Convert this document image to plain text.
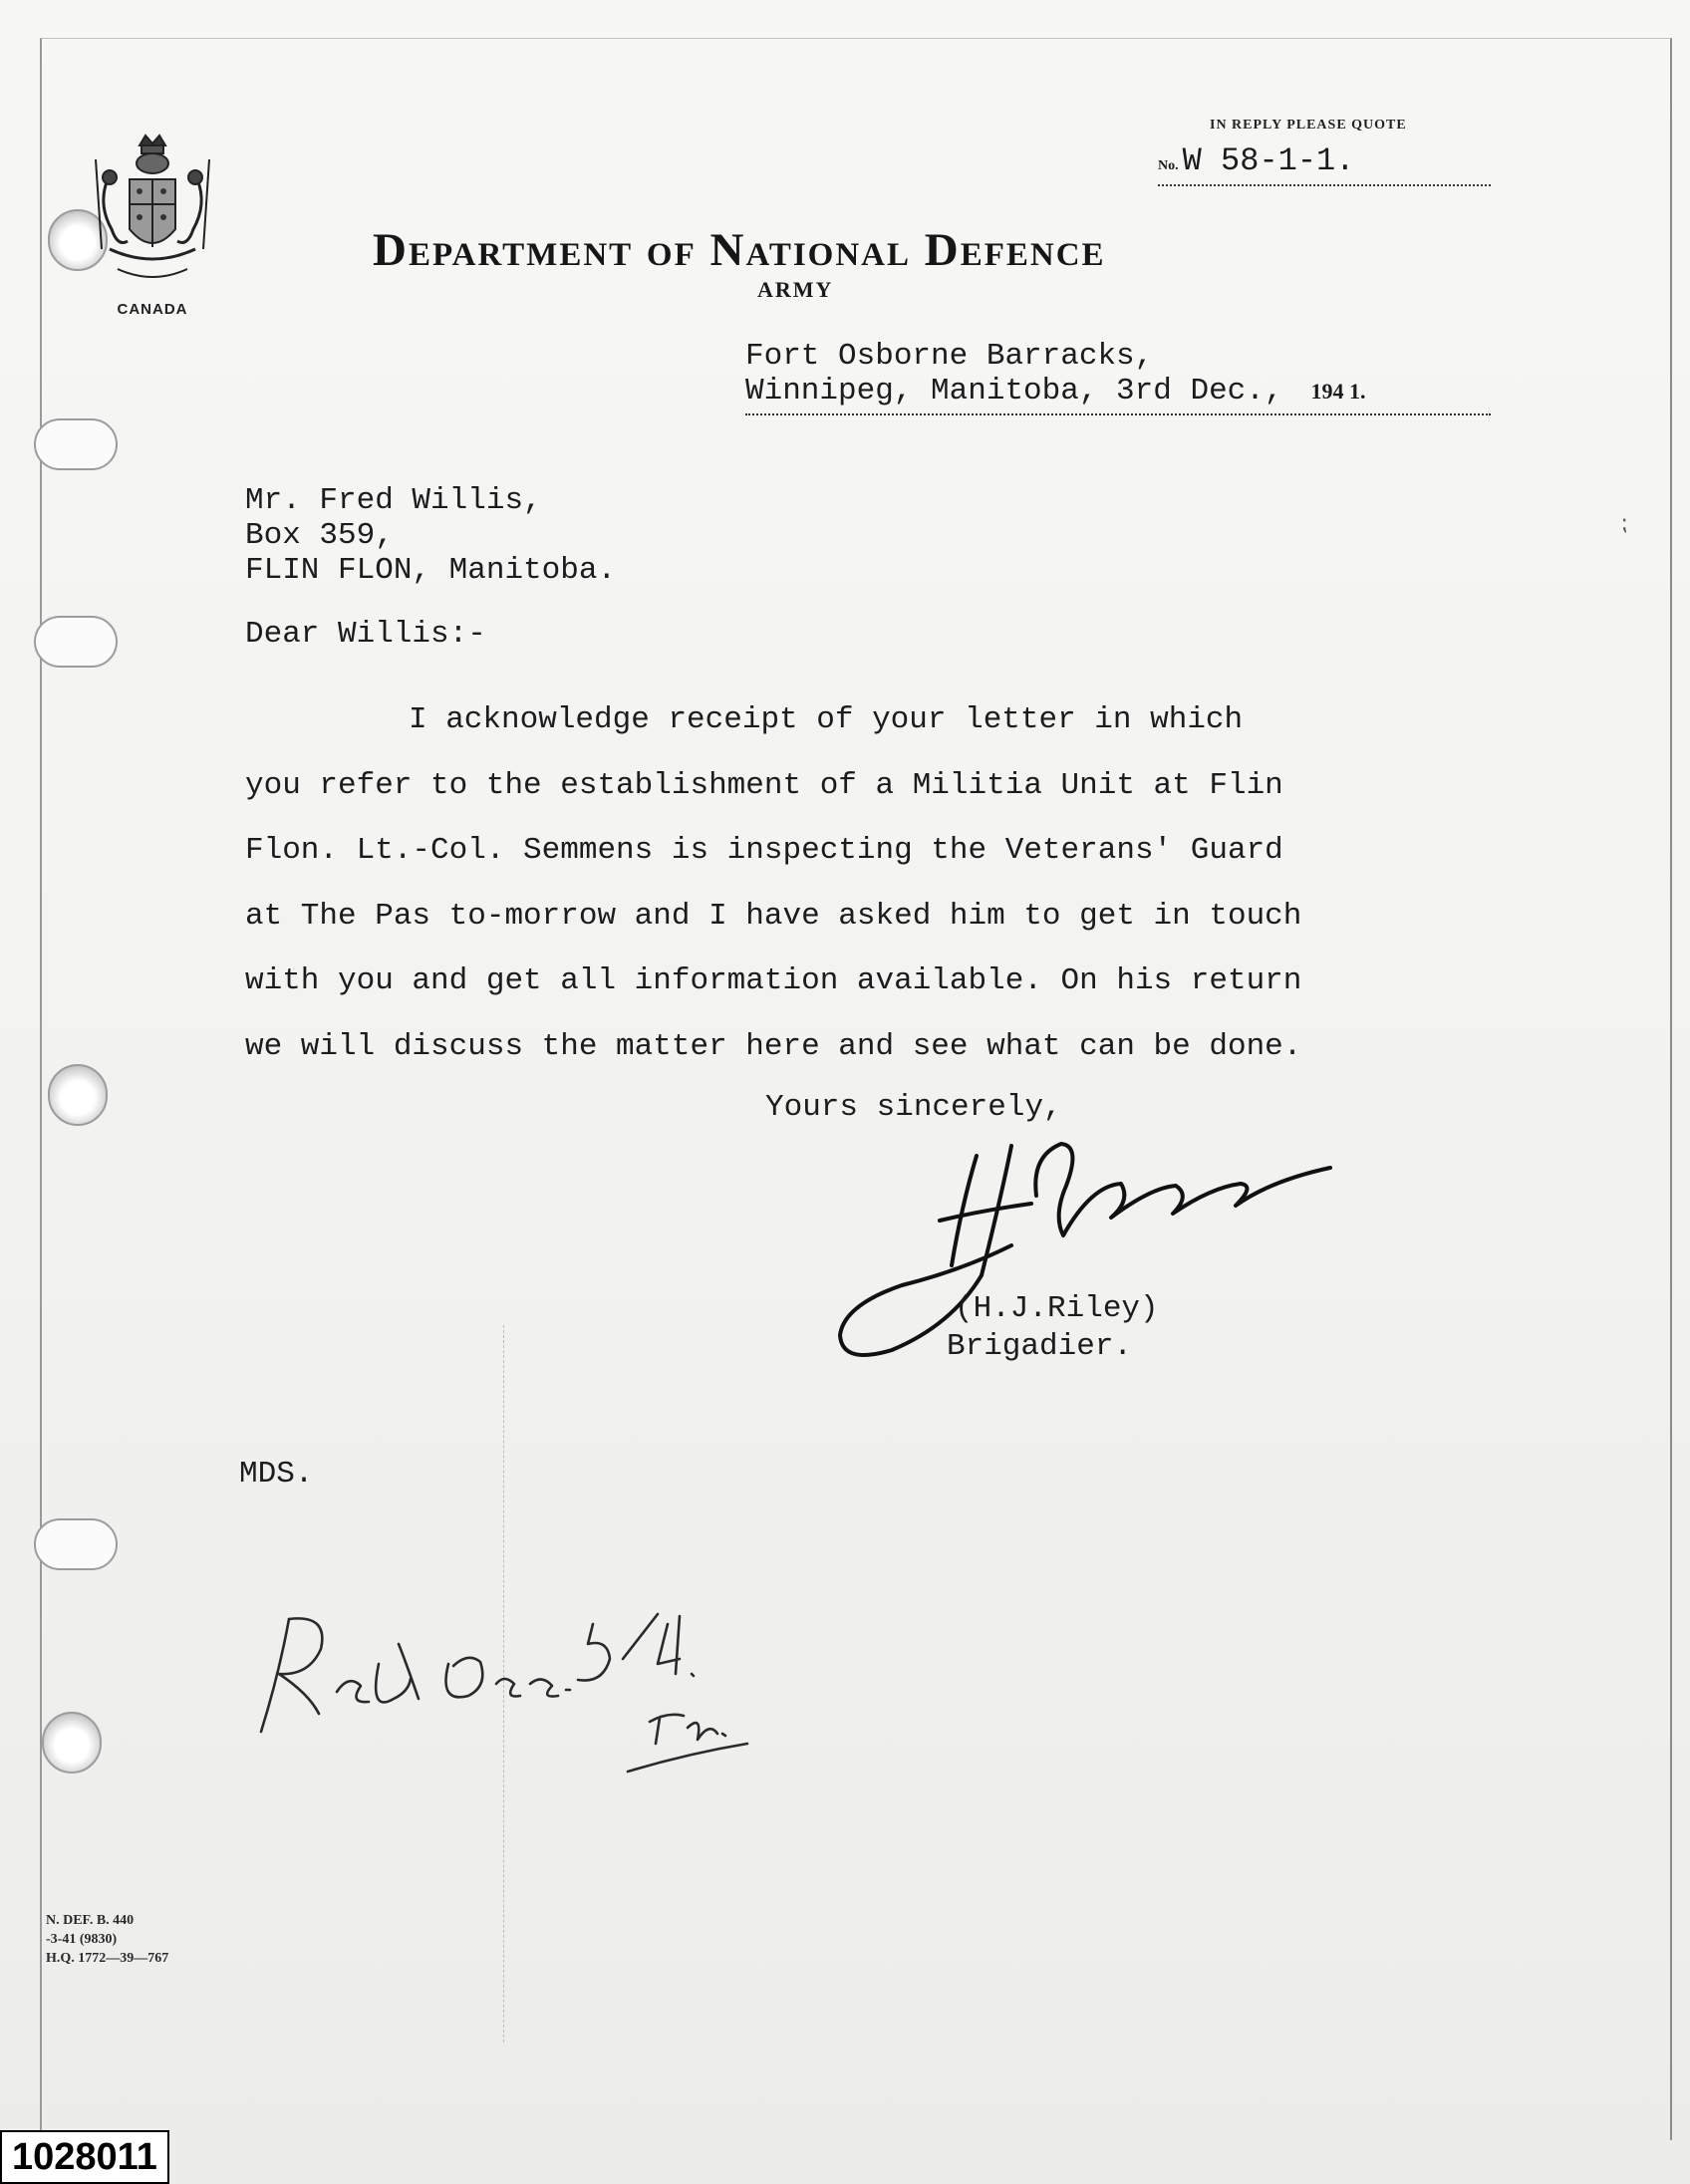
CANADA
Department of National Defence
ARMY
IN REPLY PLEASE QUOTE
No. W 58-1-1.
Fort Osborne Barracks,
Winnipeg, Manitoba, 3rd Dec., 194 1.
Mr. Fred Willis,
Box 359,
FLIN FLON, Manitoba.
Dear Willis:-

I acknowledge receipt of your letter in which
you refer to the establishment of a Militia Unit at Flin
Flon. Lt.-Col. Semmens is inspecting the Veterans' Guard
at The Pas to-morrow and I have asked him to get in touch
with you and get all information available. On his return
we will discuss the matter here and see what can be done.

Yours sincerely,
(H.J.Riley)
Brigadier.
MDS.
N. DEF. B. 440
-3-41 (9830)
H.Q. 1772—39—767
⁏
1028011
